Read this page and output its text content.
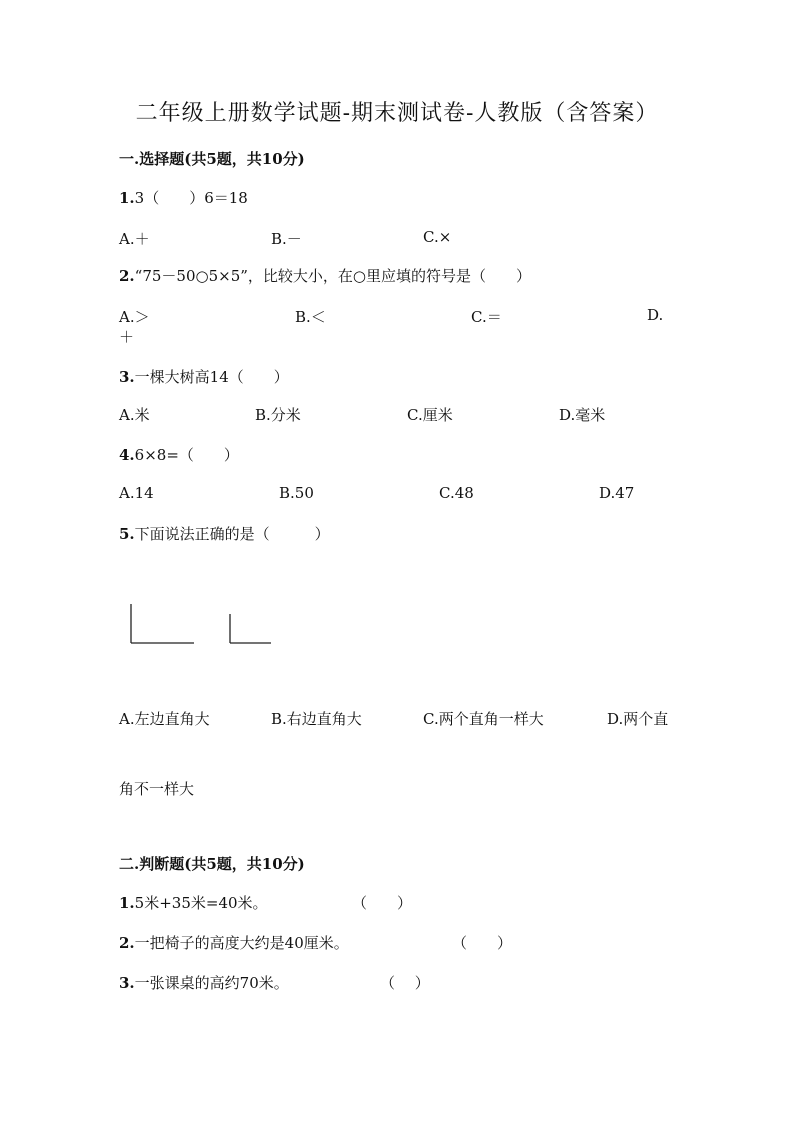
二年级上册数学试题-期末测试卷-人教版（含答案）
一.选择题(共5题，共10分)
1.3（　　）6＝18
A.＋	B.－	C.×
2.“75－50○5×5”，比较大小，在○里应填的符号是（　　）
A.＞	B.＜	C.＝	D.
＋
3.一棵大树高14（　　）
A.米	B.分米	C.厘米	D.毫米
4.6×8=（　　）
A.14	B.50	C.48	D.47
5.下面说法正确的是（　　　）
A.左边直角大	B.右边直角大	C.两个直角一样大	D.两个直
角不一样大
二.判断题(共5题，共10分)
1.5米+35米=40米。	（　　）
2.一把椅子的高度大约是40厘米。	（　　）
3.一张课桌的高约70米。	（　 ）
